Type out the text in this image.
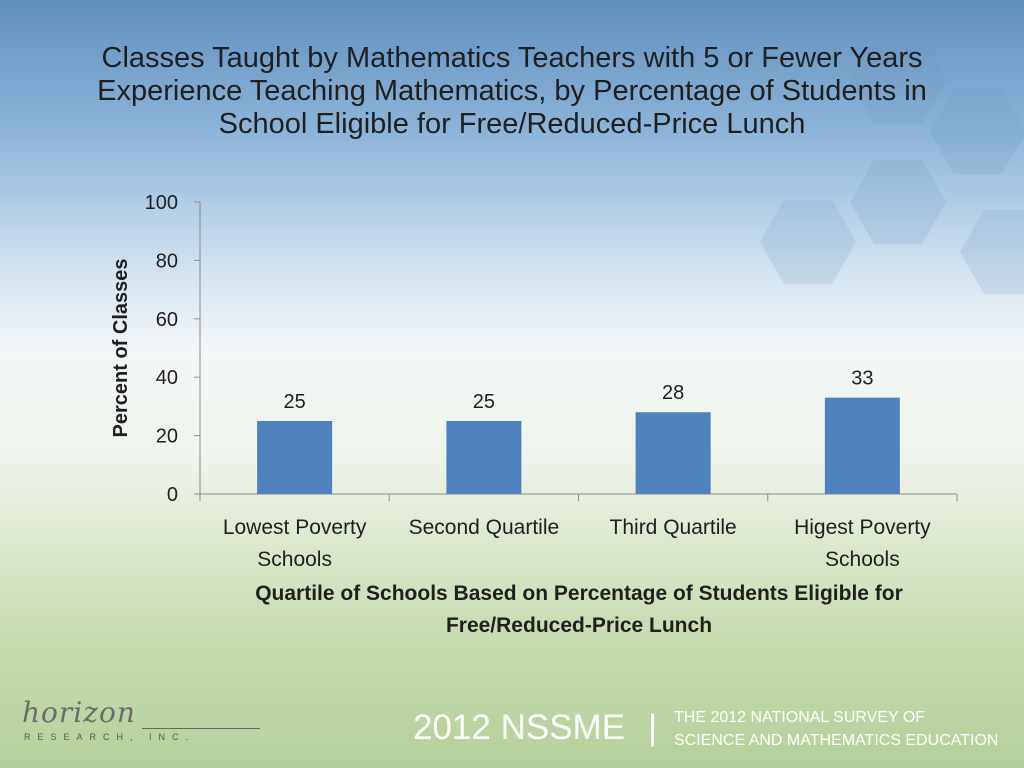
Classes Taught by Mathematics Teachers with 5 or Fewer Years
Experience Teaching Mathematics, by Percentage of Students in
School Eligible for Free/Reduced-Price Lunch
0
20
40
60
80
100
25
Lowest Poverty
Schools
25
Second Quartile
28
Third Quartile
33
Higest Poverty
Schools
Percent of Classes
Quartile of Schools Based on Percentage of Students Eligible for
Free/Reduced-Price Lunch
horizon
RESEARCH, INC.	2012 NSSME | THE 2012 NATIONAL SURVEY OF
SCIENCE AND MATHEMATICS EDUCATION
